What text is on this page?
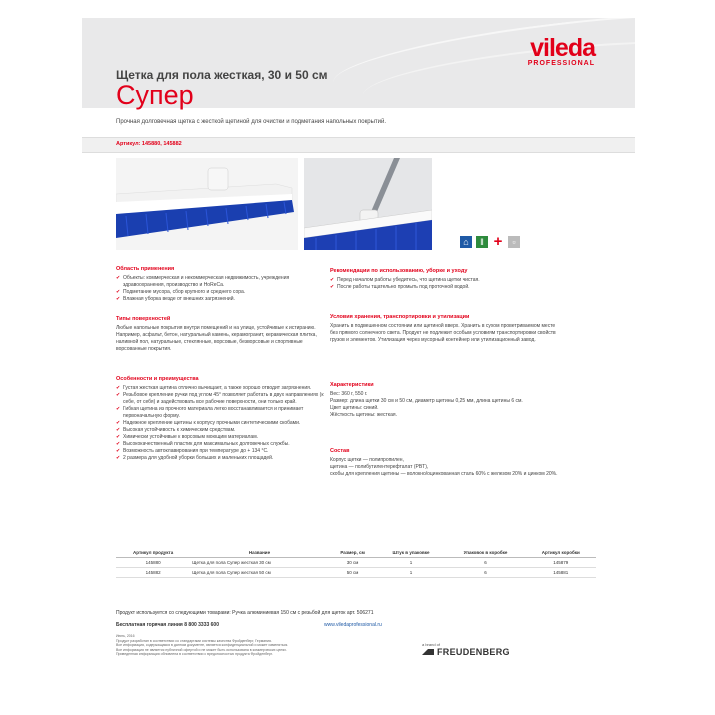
vileda
PROFESSIONAL
Щетка для пола жесткая, 30 и 50 см
Супер
Прочная долговечная щетка с жесткой щетиной для очистки и подметания напольных покрытий.
Артикул: 145880, 145882
⌂	ǁ +	▫
Область применения
✔ Объекты: коммерческая и некоммерческая недвижимость, учреждения здравоохранения, производство и HoReCa.
✔ Подметание мусора, сбор крупного и среднего сора.
✔ Влажная уборка везде от внешних загрязнений.
Типы поверхностей

Любые напольные покрытия внутри помещений и на улице, устойчивые к истиранию. Например, асфальт, бетон, натуральный камень, керамогранит, керамическая плитка, наливной пол, натуральные, стеклянные, ворсовые, безворсовые и спортивные ворсованные покрытия.

Особенности и преимущества
✔ Густая жесткая щетина отлично вычищает, а также хорошо отводит загрязнения.
✔ Резьбовое крепление ручки под углом 45° позволяет работать в двух направлениях (к себе, от себя) и задействовать все рабочие поверхности, они только край.
✔ Гибкая щетина из прочного материала легко восстанавливается и принимает первоначальную форму.
✔ Надежное крепление щетины к корпусу прочными синтетическими скобами.
✔ Высокая устойчивость к химическим средствам.
✔ Химически устойчивые к ворсовым моющим материалам.
✔ Высококачественный пластик для максимальных долговечных службы.
✔ Возможность автоклавирования при температуре до + 134 °C.
✔ 2 размера для удобной уборки больших и маленьких площадей.
Рекомендации по использованию, уборке и уходу
✔ Перед началом работы убедитесь, что щетина щетки чистая.
✔ После работы тщательно промыть под проточной водой.
Условия хранения, транспортировки и утилизации

Хранить в подвешенном состоянии или щетиной вверх. Хранить в сухом проветриваемом месте без прямого солнечного света. Продукт не подлежит особым условиям транспортировки свойств грузов и элементов. Утилизация через мусорный контейнер или утилизационный завод.

Характеристики

Вес: 360 г, 550 г.

Размер: длина щетки 30 см и 50 см, диаметр щетины 0,25 мм, длина щетины 6 см.

Цвет щетины: синий.

Жёсткость щетины: жесткая.

Состав

Корпус щетки — полипропилен,

щетина — полибутилентерефталат (PBT),

скобы для крепления щетины — волокно/оцинкованная сталь 60% с железом 20% и цинком 20%.

Артикул продукта	Название	Размер, см	Штук в упаковке	Упаковок в коробке	Артикул коробки
145880	Щетка для пола Супер жесткая 30 см	30 см	1	6	145879
145882	Щетка для пола Супер жесткая 50 см	50 см	1	6	145881
Продукт используется со следующими товарами: Ручка алюминиевая 150 см с резьбой для щеток арт. 506271
Бесплатная горячая линия 8 800 3333 600	www.viledaprofessional.ru
Июнь, 2016
Продукт разработан в соответствии со стандартами системы качества Фройденберг, Германия.
Все информация, содержащаяся в данном документе, является конфиденциальной и может изменяться.
Все информация не является публичной офертой и не может быть использована в коммерческих целях.
Приведенная информация обновлена в соответствии с вредоносностью продукта Фройденберг.
a brand of
FREUDENBERG
